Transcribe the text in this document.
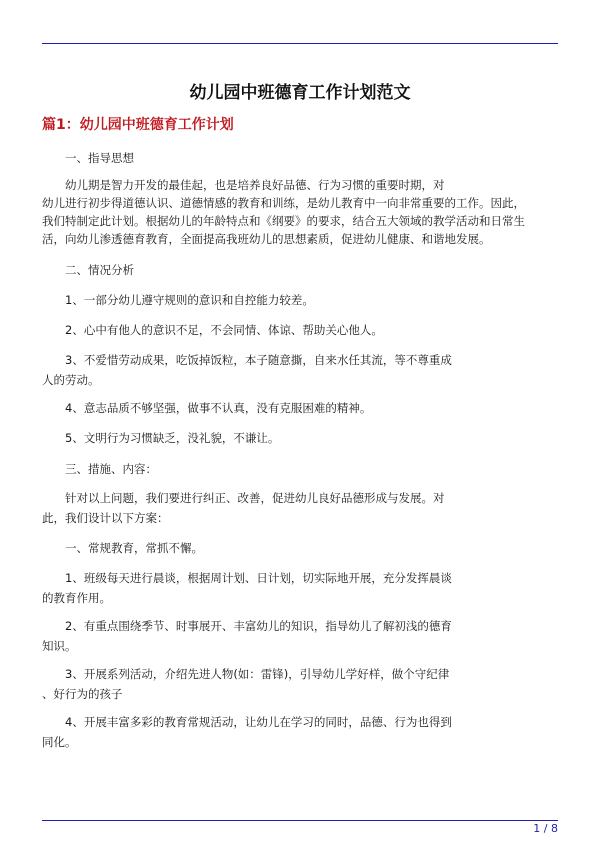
幼儿园中班德育工作计划范文
篇1：幼儿园中班德育工作计划
　　一、指导思想
　　幼儿期是智力开发的最佳起，也是培养良好品德、行为习惯的重要时期，对
幼儿进行初步得道德认识、道德情感的教育和训练，是幼儿教育中一向非常重要的工作。因此，
我们特制定此计划。根据幼儿的年龄特点和《纲要》的要求，结合五大领域的教学活动和日常生
活，向幼儿渗透德育教育，全面提高我班幼儿的思想素质，促进幼儿健康、和谐地发展。
　　二、情况分析
　　1、一部分幼儿遵守规则的意识和自控能力较差。
　　2、心中有他人的意识不足，不会同情、体谅、帮助关心他人。
　　3、不爱惜劳动成果，吃饭掉饭粒，本子随意撕，自来水任其流，等不尊重成
人的劳动。
　　4、意志品质不够坚强，做事不认真，没有克服困难的精神。
　　5、文明行为习惯缺乏，没礼貌，不谦让。
　　三、措施、内容：
　　针对以上问题，我们要进行纠正、改善，促进幼儿良好品德形成与发展。对
此，我们设计以下方案：
　　一、常规教育，常抓不懈。
　　1、班级每天进行晨谈，根据周计划、日计划，切实际地开展，充分发挥晨谈
的教育作用。
　　2、有重点围绕季节、时事展开、丰富幼儿的知识，指导幼儿了解初浅的德育
知识。
　　3、开展系列活动，介绍先进人物(如：雷锋)，引导幼儿学好样，做个守纪律
、好行为的孩子
　　4、开展丰富多彩的教育常规活动，让幼儿在学习的同时，品德、行为也得到
同化。
1 / 8
